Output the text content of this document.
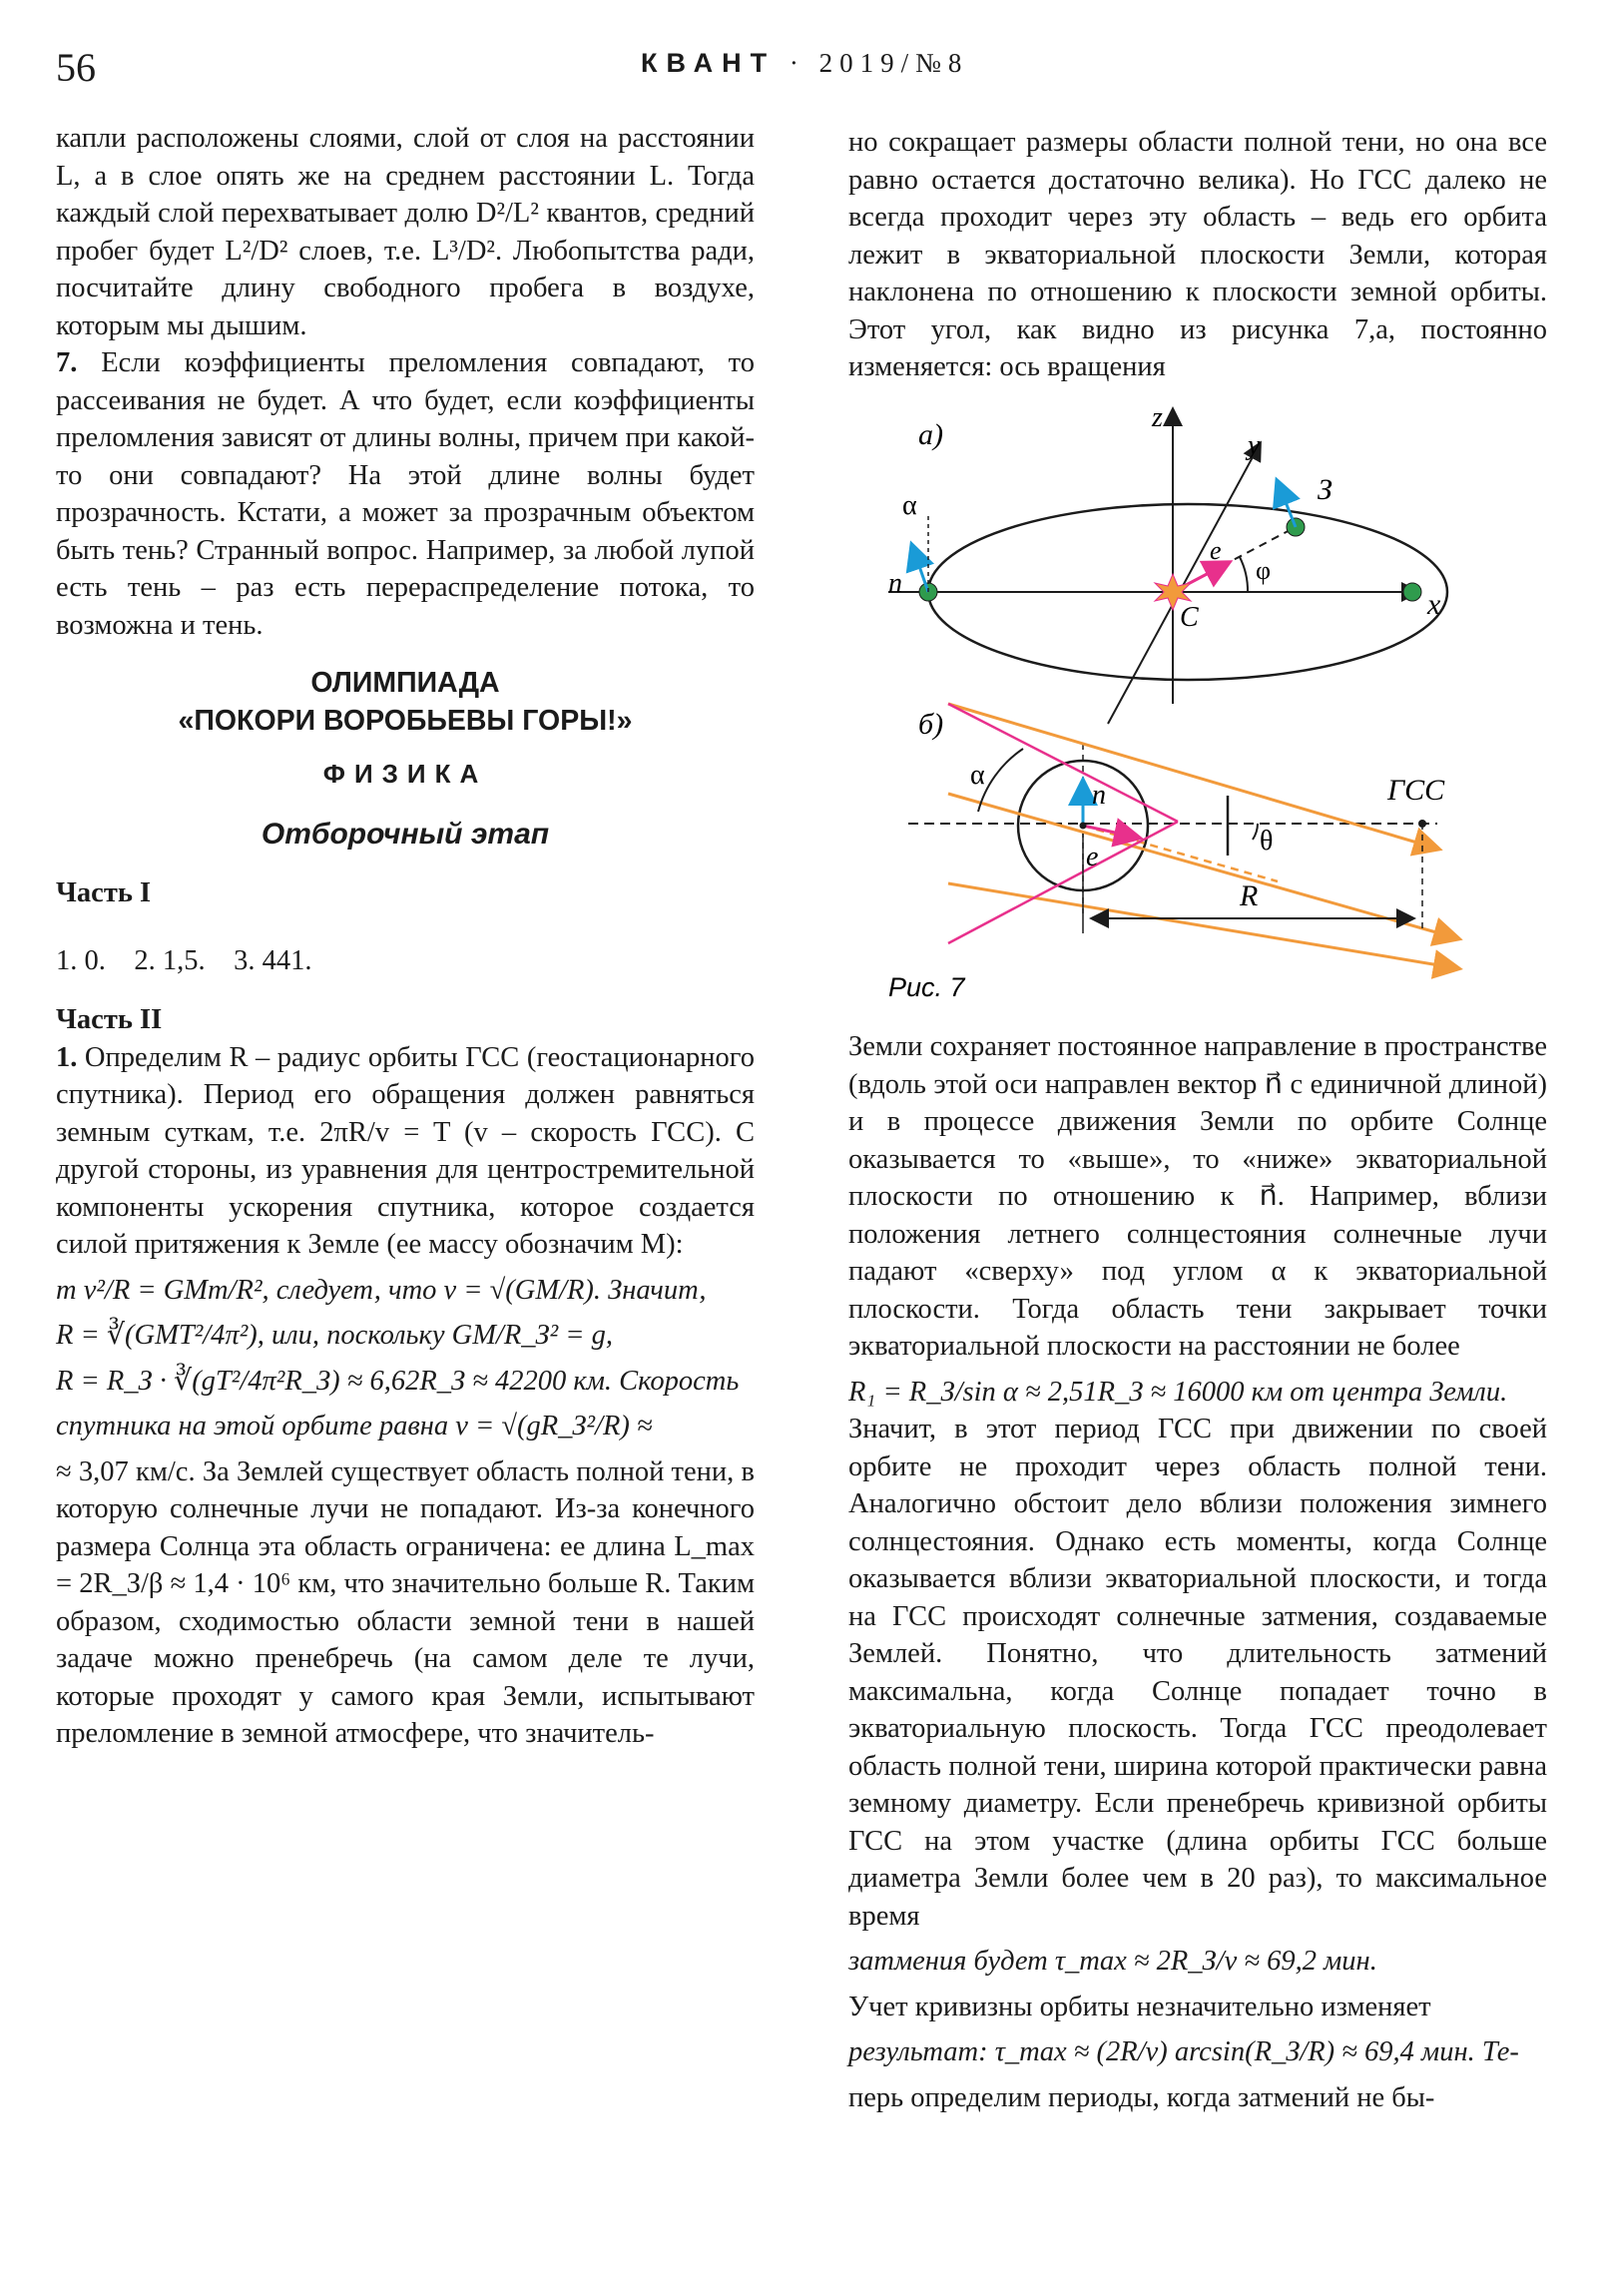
56	КВАНТ · 2019/№8

капли расположены слоями, слой от слоя на расстоянии L, а в слое опять же на среднем расстоянии L. Тогда каждый слой перехватывает долю D²/L² квантов, средний пробег будет L²/D² слоев, т.е. L³/D². Любопытства ради, посчитайте длину свободного пробега в воздухе, которым мы дышим.

7. Если коэффициенты преломления совпадают, то рассеивания не будет. А что будет, если коэффициенты преломления зависят от длины волны, причем при какой-то они совпадают? На этой длине волны будет прозрачность. Кстати, а может за прозрачным объектом быть тень? Странный вопрос. Например, за любой лупой есть тень – раз есть перераспределение потока, то возможна и тень.

ОЛИМПИАДА
«ПОКОРИ ВОРОБЬЕВЫ ГОРЫ!»

ФИЗИКА

Отборочный этап

Часть I

1. 0.    2. 1,5.    3. 441.

Часть II

1. Определим R – радиус орбиты ГСС (геостационарного спутника). Период его обращения должен равняться земным суткам, т.е. 2πR/v = T (v – скорость ГСС). С другой стороны, из уравнения для центростремительной компоненты ускорения спутника, которое создается силой притяжения к Земле (ее массу обозначим M):

m v²/R = GMm/R², следует, что v = √(GM/R). Значит,

R = ∛(GMT²/4π²), или, поскольку GM/R_З² = g,

R = R_З · ∛(gT²/4π²R_З) ≈ 6,62R_З ≈ 42200 км. Скорость

спутника на этой орбите равна v = √(gR_З²/R) ≈

≈ 3,07 км/с. За Землей существует область полной тени, в которую солнечные лучи не попадают. Из-за конечного размера Солнца эта область ограничена: ее длина L_max = 2R_З/β ≈ 1,4 · 10⁶ км, что значительно больше R. Таким образом, сходимостью области земной тени в нашей задаче можно пренебречь (на самом деле те лучи, которые проходят у самого края Земли, испытывают преломление в земной атмосфере, что значитель-

но сокращает размеры области полной тени, но она все равно остается достаточно велика). Но ГСС далеко не всегда проходит через эту область – ведь его орбита лежит в экваториальной плоскости Земли, которая наклонена по отношению к плоскости земной орбиты. Этот угол, как видно из рисунка 7,а, постоянно изменяется: ось вращения

а)
z
y
x
e
φ
C
З
n
α
б)
n
e
α
θ
ГСС
R
Рис. 7

Земли сохраняет постоянное направление в пространстве (вдоль этой оси направлен вектор n⃗ с единичной длиной) и в процессе движения Земли по орбите Солнце оказывается то «выше», то «ниже» экваториальной плоскости по отношению к n⃗. Например, вблизи положения летнего солнцестояния солнечные лучи падают «сверху» под углом α к экваториальной плоскости. Тогда область тени закрывает точки экваториальной плоскости на расстоянии не более

R₁ = R_З/sin α ≈ 2,51R_З ≈ 16000 км от центра Земли.

Значит, в этот период ГСС при движении по своей орбите не проходит через область полной тени. Аналогично обстоит дело вблизи положения зимнего солнцестояния. Однако есть моменты, когда Солнце оказывается вблизи экваториальной плоскости, и тогда на ГСС происходят солнечные затмения, создаваемые Землей. Понятно, что длительность затмений максимальна, когда Солнце попадает точно в экваториальную плоскость. Тогда ГСС преодолевает область полной тени, ширина которой практически равна земному диаметру. Если пренебречь кривизной орбиты ГСС на этом участке (длина орбиты ГСС больше диаметра Земли более чем в 20 раз), то максимальное время

затмения будет τ_max ≈ 2R_З/v ≈ 69,2 мин.

Учет кривизны орбиты незначительно изменяет

результат: τ_max ≈ (2R/v) arcsin(R_З/R) ≈ 69,4 мин. Те-

перь определим периоды, когда затмений не бы-
